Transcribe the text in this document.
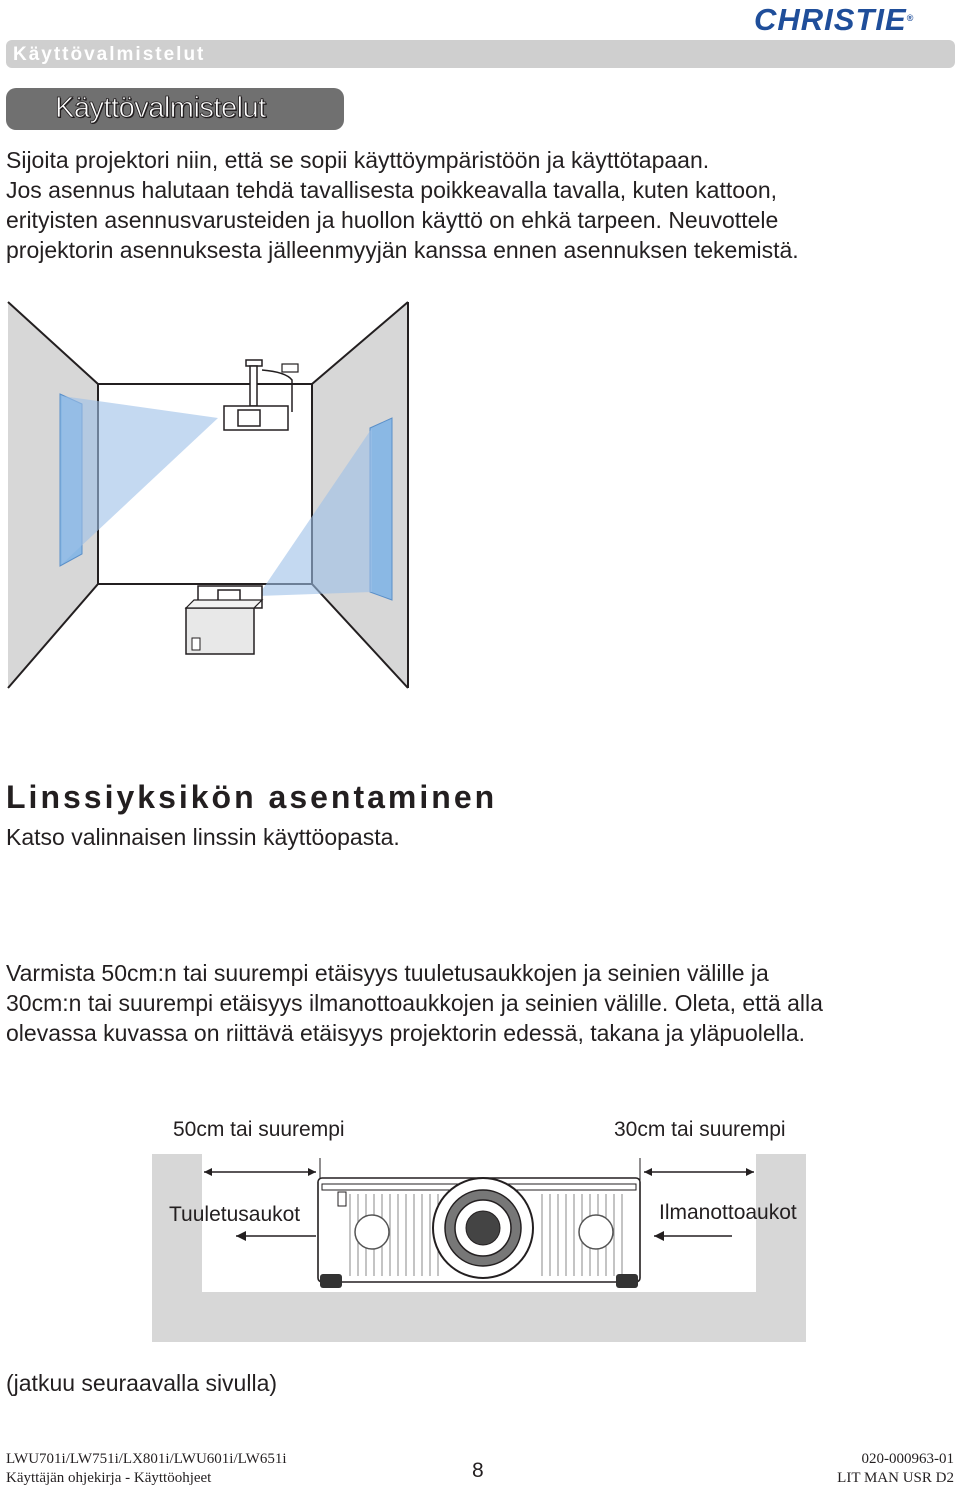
CHRISTIE®
Käyttövalmistelut
Käyttövalmistelut
Sijoita projektori niin, että se sopii käyttöympäristöön ja käyttötapaan.
Jos asennus halutaan tehdä tavallisesta poikkeavalla tavalla, kuten kattoon,
erityisten asennusvarusteiden ja huollon käyttö on ehkä tarpeen. Neuvottele
projektorin asennuksesta jälleenmyyjän kanssa ennen asennuksen tekemistä.
Linssiyksikön asentaminen
Katso valinnaisen linssin käyttöopasta.
Varmista 50cm:n tai suurempi etäisyys tuuletusaukkojen ja seinien välille ja
30cm:n tai suurempi etäisyys ilmanottoaukkojen ja seinien välille. Oleta, että alla
olevassa kuvassa on riittävä etäisyys projektorin edessä, takana ja yläpuolella.
50cm tai suurempi	30cm tai suurempi
Tuuletusaukot	Ilmanottoaukot
(jatkuu seuraavalla sivulla)
LWU701i/LW751i/LX801i/LWU601i/LW651i
Käyttäjän ohjekirja - Käyttöohjeet	8	020-000963-01
LIT MAN USR D2
